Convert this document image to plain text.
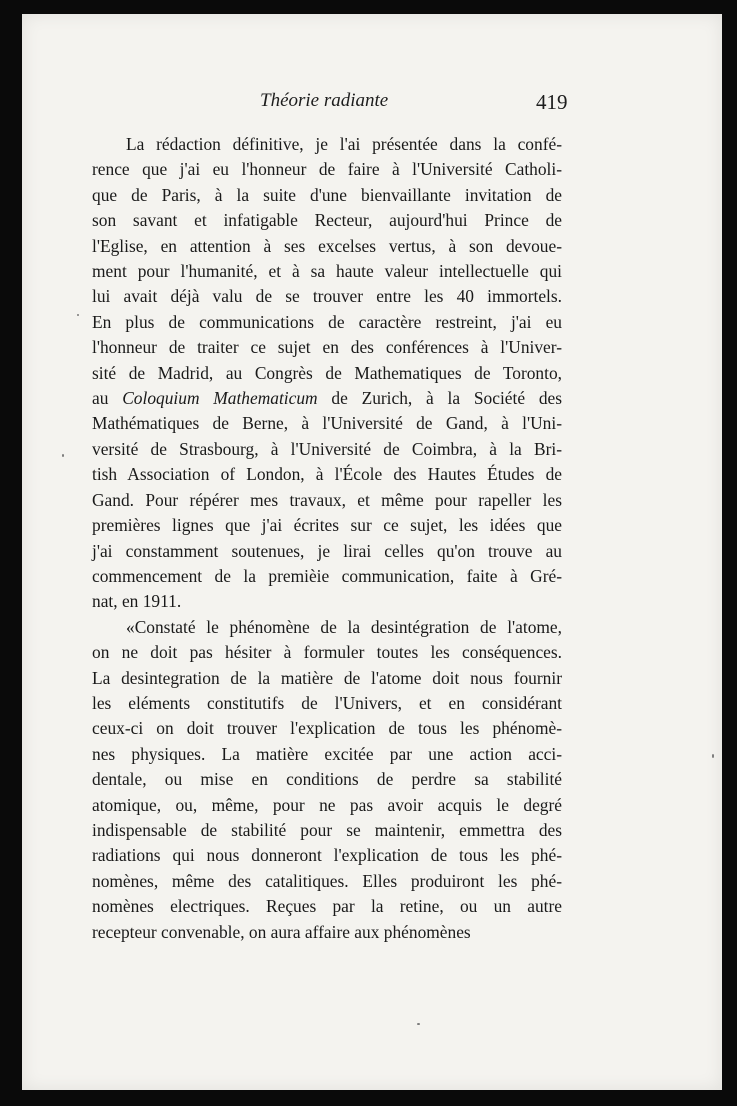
Théorie radiante	419
La rédaction définitive, je l'ai présentée dans la confé-
rence que j'ai eu l'honneur de faire à l'Université Catholi-
que de Paris, à la suite d'une bienvaillante invitation de
son savant et infatigable Recteur, aujourd'hui Prince de
l'Eglise, en attention à ses excelses vertus, à son devoue-
ment pour l'humanité, et à sa haute valeur intellectuelle qui
lui avait déjà valu de se trouver entre les 40 immortels.
En plus de communications de caractère restreint, j'ai eu
l'honneur de traiter ce sujet en des conférences à l'Univer-
sité de Madrid, au Congrès de Mathematiques de Toronto,
au Coloquium Mathematicum de Zurich, à la Société des
Mathématiques de Berne, à l'Université de Gand, à l'Uni-
versité de Strasbourg, à l'Université de Coimbra, à la Bri-
tish Association of London, à l'École des Hautes Études de
Gand. Pour répérer mes travaux, et même pour rapeller les
premières lignes que j'ai écrites sur ce sujet, les idées que
j'ai constamment soutenues, je lirai celles qu'on trouve au
commencement de la premièie communication, faite à Gré-
nat, en 1911.
«Constaté le phénomène de la desintégration de l'atome,
on ne doit pas hésiter à formuler toutes les conséquences.
La desintegration de la matière de l'atome doit nous fournir
les eléments constitutifs de l'Univers, et en considérant
ceux-ci on doit trouver l'explication de tous les phénomè-
nes physiques. La matière excitée par une action acci-
dentale, ou mise en conditions de perdre sa stabilité
atomique, ou, même, pour ne pas avoir acquis le degré
indispensable de stabilité pour se maintenir, emmettra des
radiations qui nous donneront l'explication de tous les phé-
nomènes, même des catalitiques. Elles produiront les phé-
nomènes electriques. Reçues par la retine, ou un autre
recepteur convenable, on aura affaire aux phénomènes
